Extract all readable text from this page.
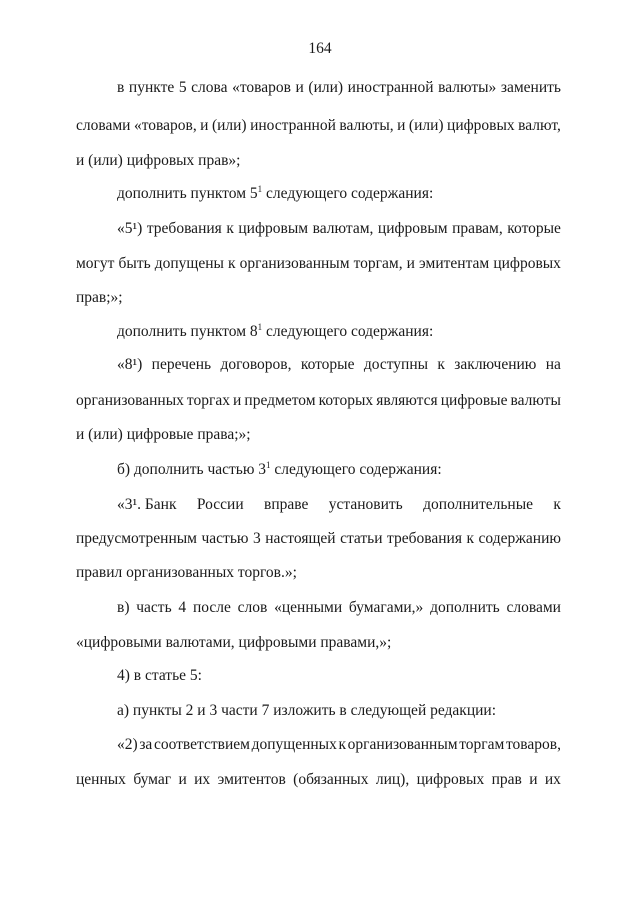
164
в пункте 5 слова «товаров и (или) иностранной валюты» заменить
словами «товаров, и (или) иностранной валюты, и (или) цифровых валют,
и (или) цифровых прав»;
дополнить пунктом $5^1$ следующего содержания:
«5¹) требования к цифровым валютам, цифровым правам, которые
могут быть допущены к организованным торгам, и эмитентам цифровых
прав;»;
дополнить пунктом $8^1$ следующего содержания:
«8¹) перечень договоров, которые доступны к заключению на
организованных торгах и предметом которых являются цифровые валюты
и (или) цифровые права;»;
б) дополнить частью $3^1$ следующего содержания:
«3¹. Банк России вправе установить дополнительные к
предусмотренным частью 3 настоящей статьи требования к содержанию
правил организованных торгов.»;
в) часть 4 после слов «ценными бумагами,» дополнить словами
«цифровыми валютами, цифровыми правами,»;
4) в статье 5:
а) пункты 2 и 3 части 7 изложить в следующей редакции:
«2) за соответствием допущенных к организованным торгам товаров,
ценных бумаг и их эмитентов (обязанных лиц), цифровых прав и их
